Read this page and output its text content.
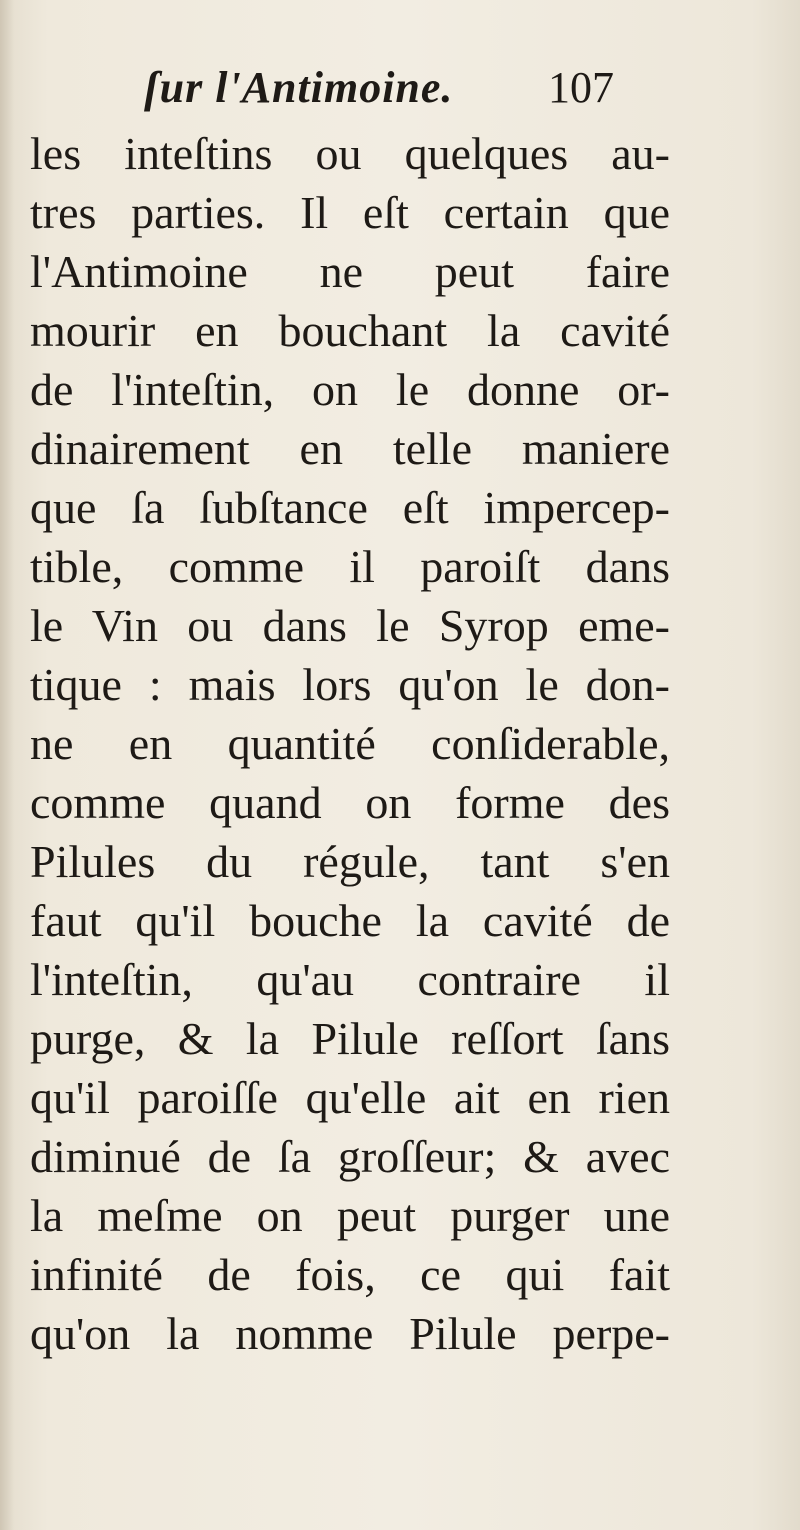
ſur l'Antimoine. 107
les inteſtins ou quelques au-
tres parties. Il eſt certain que
l'Antimoine ne peut faire
mourir en bouchant la cavité
de l'inteſtin, on le donne or-
dinairement en telle maniere
que ſa ſubſtance eſt impercep-
tible, comme il paroiſt dans
le Vin ou dans le Syrop eme-
tique : mais lors qu'on le don-
ne en quantité conſiderable,
comme quand on forme des
Pilules du régule, tant s'en
faut qu'il bouche la cavité de
l'inteſtin, qu'au contraire il
purge, & la Pilule reſſort ſans
qu'il paroiſſe qu'elle ait en rien
diminué de ſa groſſeur; & avec
la meſme on peut purger une
infinité de fois, ce qui fait
qu'on la nomme Pilule perpe-
